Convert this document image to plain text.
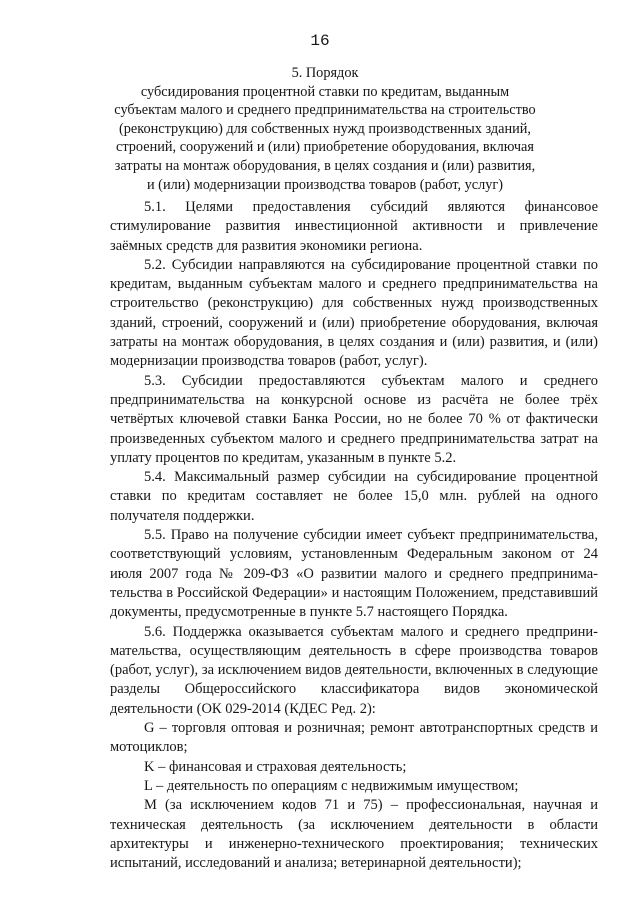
16
5. Порядок
субсидирования процентной ставки по кредитам, выданным субъектам малого и среднего предпринимательства на строительство (реконструкцию) для собственных нужд производственных зданий, строений, сооружений и (или) приобретение оборудования, включая затраты на монтаж оборудования, в целях создания и (или) развития, и (или) модернизации производства товаров (работ, услуг)

5.1. Целями предоставления субсидий являются финансовое стимулирование развития инвестиционной активности и привлечение заёмных средств для развития экономики региона.

5.2. Субсидии направляются на субсидирование процентной ставки по кредитам, выданным субъектам малого и среднего предпринимательства на строительство (реконструкцию) для собственных нужд производственных зданий, строений, сооружений и (или) приобретение оборудования, включая затраты на монтаж оборудования, в целях создания и (или) развития, и (или) модернизации производства товаров (работ, услуг).

5.3. Субсидии предоставляются субъектам малого и среднего предпринимательства на конкурсной основе из расчёта не более трёх четвёртых ключевой ставки Банка России, но не более 70 % от фактически произведенных субъектом малого и среднего предпринимательства затрат на уплату процентов по кредитам, указанным в пункте 5.2.

5.4. Максимальный размер субсидии на субсидирование процентной ставки по кредитам составляет не более 15,0 млн. рублей на одного получателя поддержки.

5.5. Право на получение субсидии имеет субъект предпринимательства, соответствующий условиям, установленным Федеральным законом от 24 июля 2007 года № 209-ФЗ «О развитии малого и среднего предпринимательства в Российской Федерации» и настоящим Положением, представивший документы, предусмотренные в пункте 5.7 настоящего Порядка.

5.6. Поддержка оказывается субъектам малого и среднего предпринимательства, осуществляющим деятельность в сфере производства товаров (работ, услуг), за исключением видов деятельности, включенных в следующие разделы Общероссийского классификатора видов экономической деятельности (ОК 029-2014 (КДЕС Ред. 2):

G – торговля оптовая и розничная; ремонт автотранспортных средств и мотоциклов;

K – финансовая и страховая деятельность;

L – деятельность по операциям с недвижимым имуществом;

M (за исключением кодов 71 и 75) – профессиональная, научная и техническая деятельность (за исключением деятельности в области архитектуры и инженерно-технического проектирования; технических испытаний, исследований и анализа; ветеринарной деятельности);
